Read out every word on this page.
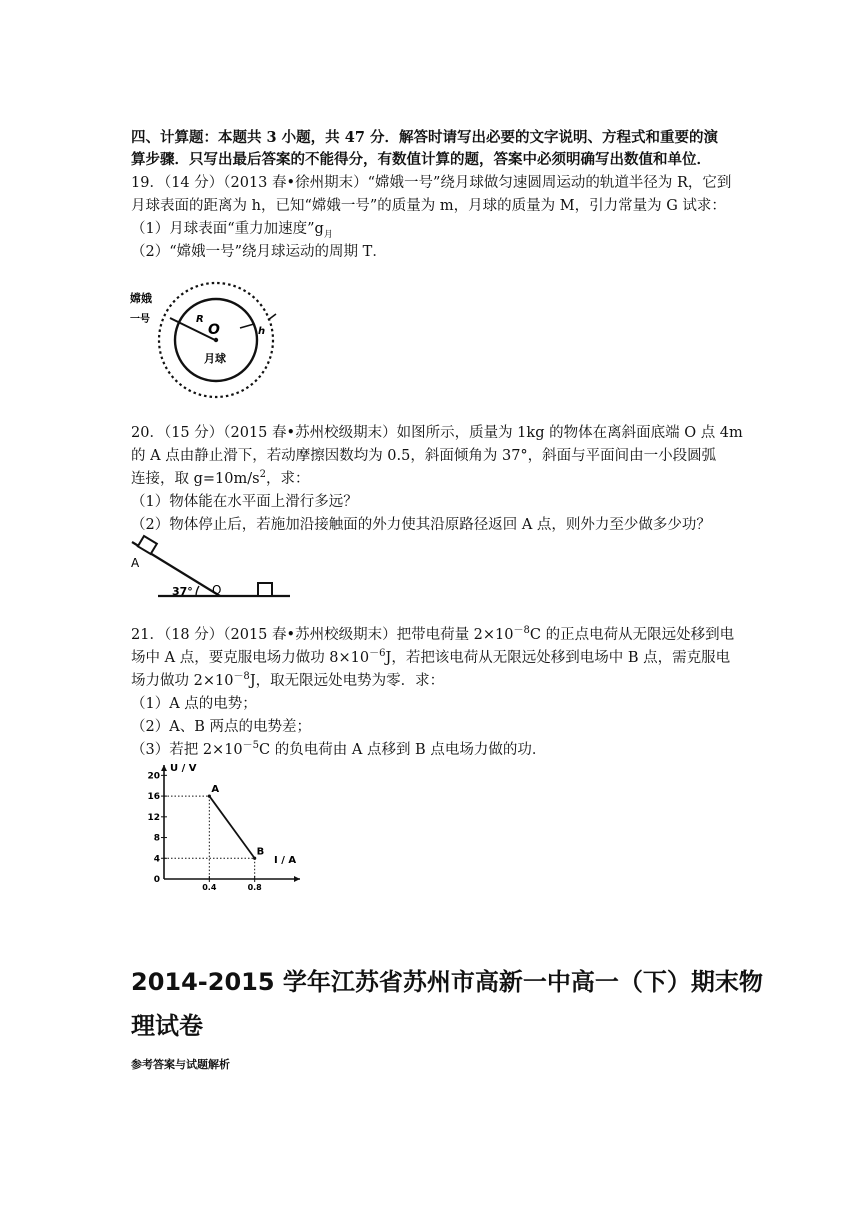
四、计算题：本题共 3 小题，共 47 分．解答时请写出必要的文字说明、方程式和重要的演
算步骤．只写出最后答案的不能得分，有数值计算的题，答案中必须明确写出数值和单位．
19．（14 分）（2013 春•徐州期末）“嫦娥一号”绕月球做匀速圆周运动的轨道半径为 R，它到
月球表面的距离为 h，已知“嫦娥一号”的质量为 m，月球的质量为 M，引力常量为 G 试求：
（1）月球表面“重力加速度$”g_月$
（2）“嫦娥一号”绕月球运动的周期 T．
嫦娥
一号	R
O
月球
h
20．（15 分）（2015 春•苏州校级期末）如图所示，质量为 1kg 的物体在离斜面底端 O 点 4m
的 A 点由静止滑下，若动摩擦因数均为 0.5，斜面倾角为 37°，斜面与平面间由一小段圆弧
连接，取 $g=10m/s^2$，求：
（1）物体能在水平面上滑行多远？
（2）物体停止后，若施加沿接触面的外力使其沿原路径返回 A 点，则外力至少做多少功？
A
37° O
21．（18 分）（2015 春•苏州校级期末）把带电荷量 $2\times 10^{-8}C$ 的正点电荷从无限远处移到电
场中 A 点，要克服电场力做功 $8\times 10^{-6}J$，若把该电荷从无限远处移到电场中 B 点，需克服电
场力做功 $2\times 10^{-8}J$，取无限远处电势为零．求：
（1）A 点的电势；
（2）A、B 两点的电势差；
（3）若把 $2\times 10^{-5}C$ 的负电荷由 A 点移到 B 点电场力做的功．
U / V
I / A
0
4
8
12
16
20
0.4	0.8
A
B
2014-2015 学年江苏省苏州市高新一中高一（下）期末物
理试卷
参考答案与试题解析
